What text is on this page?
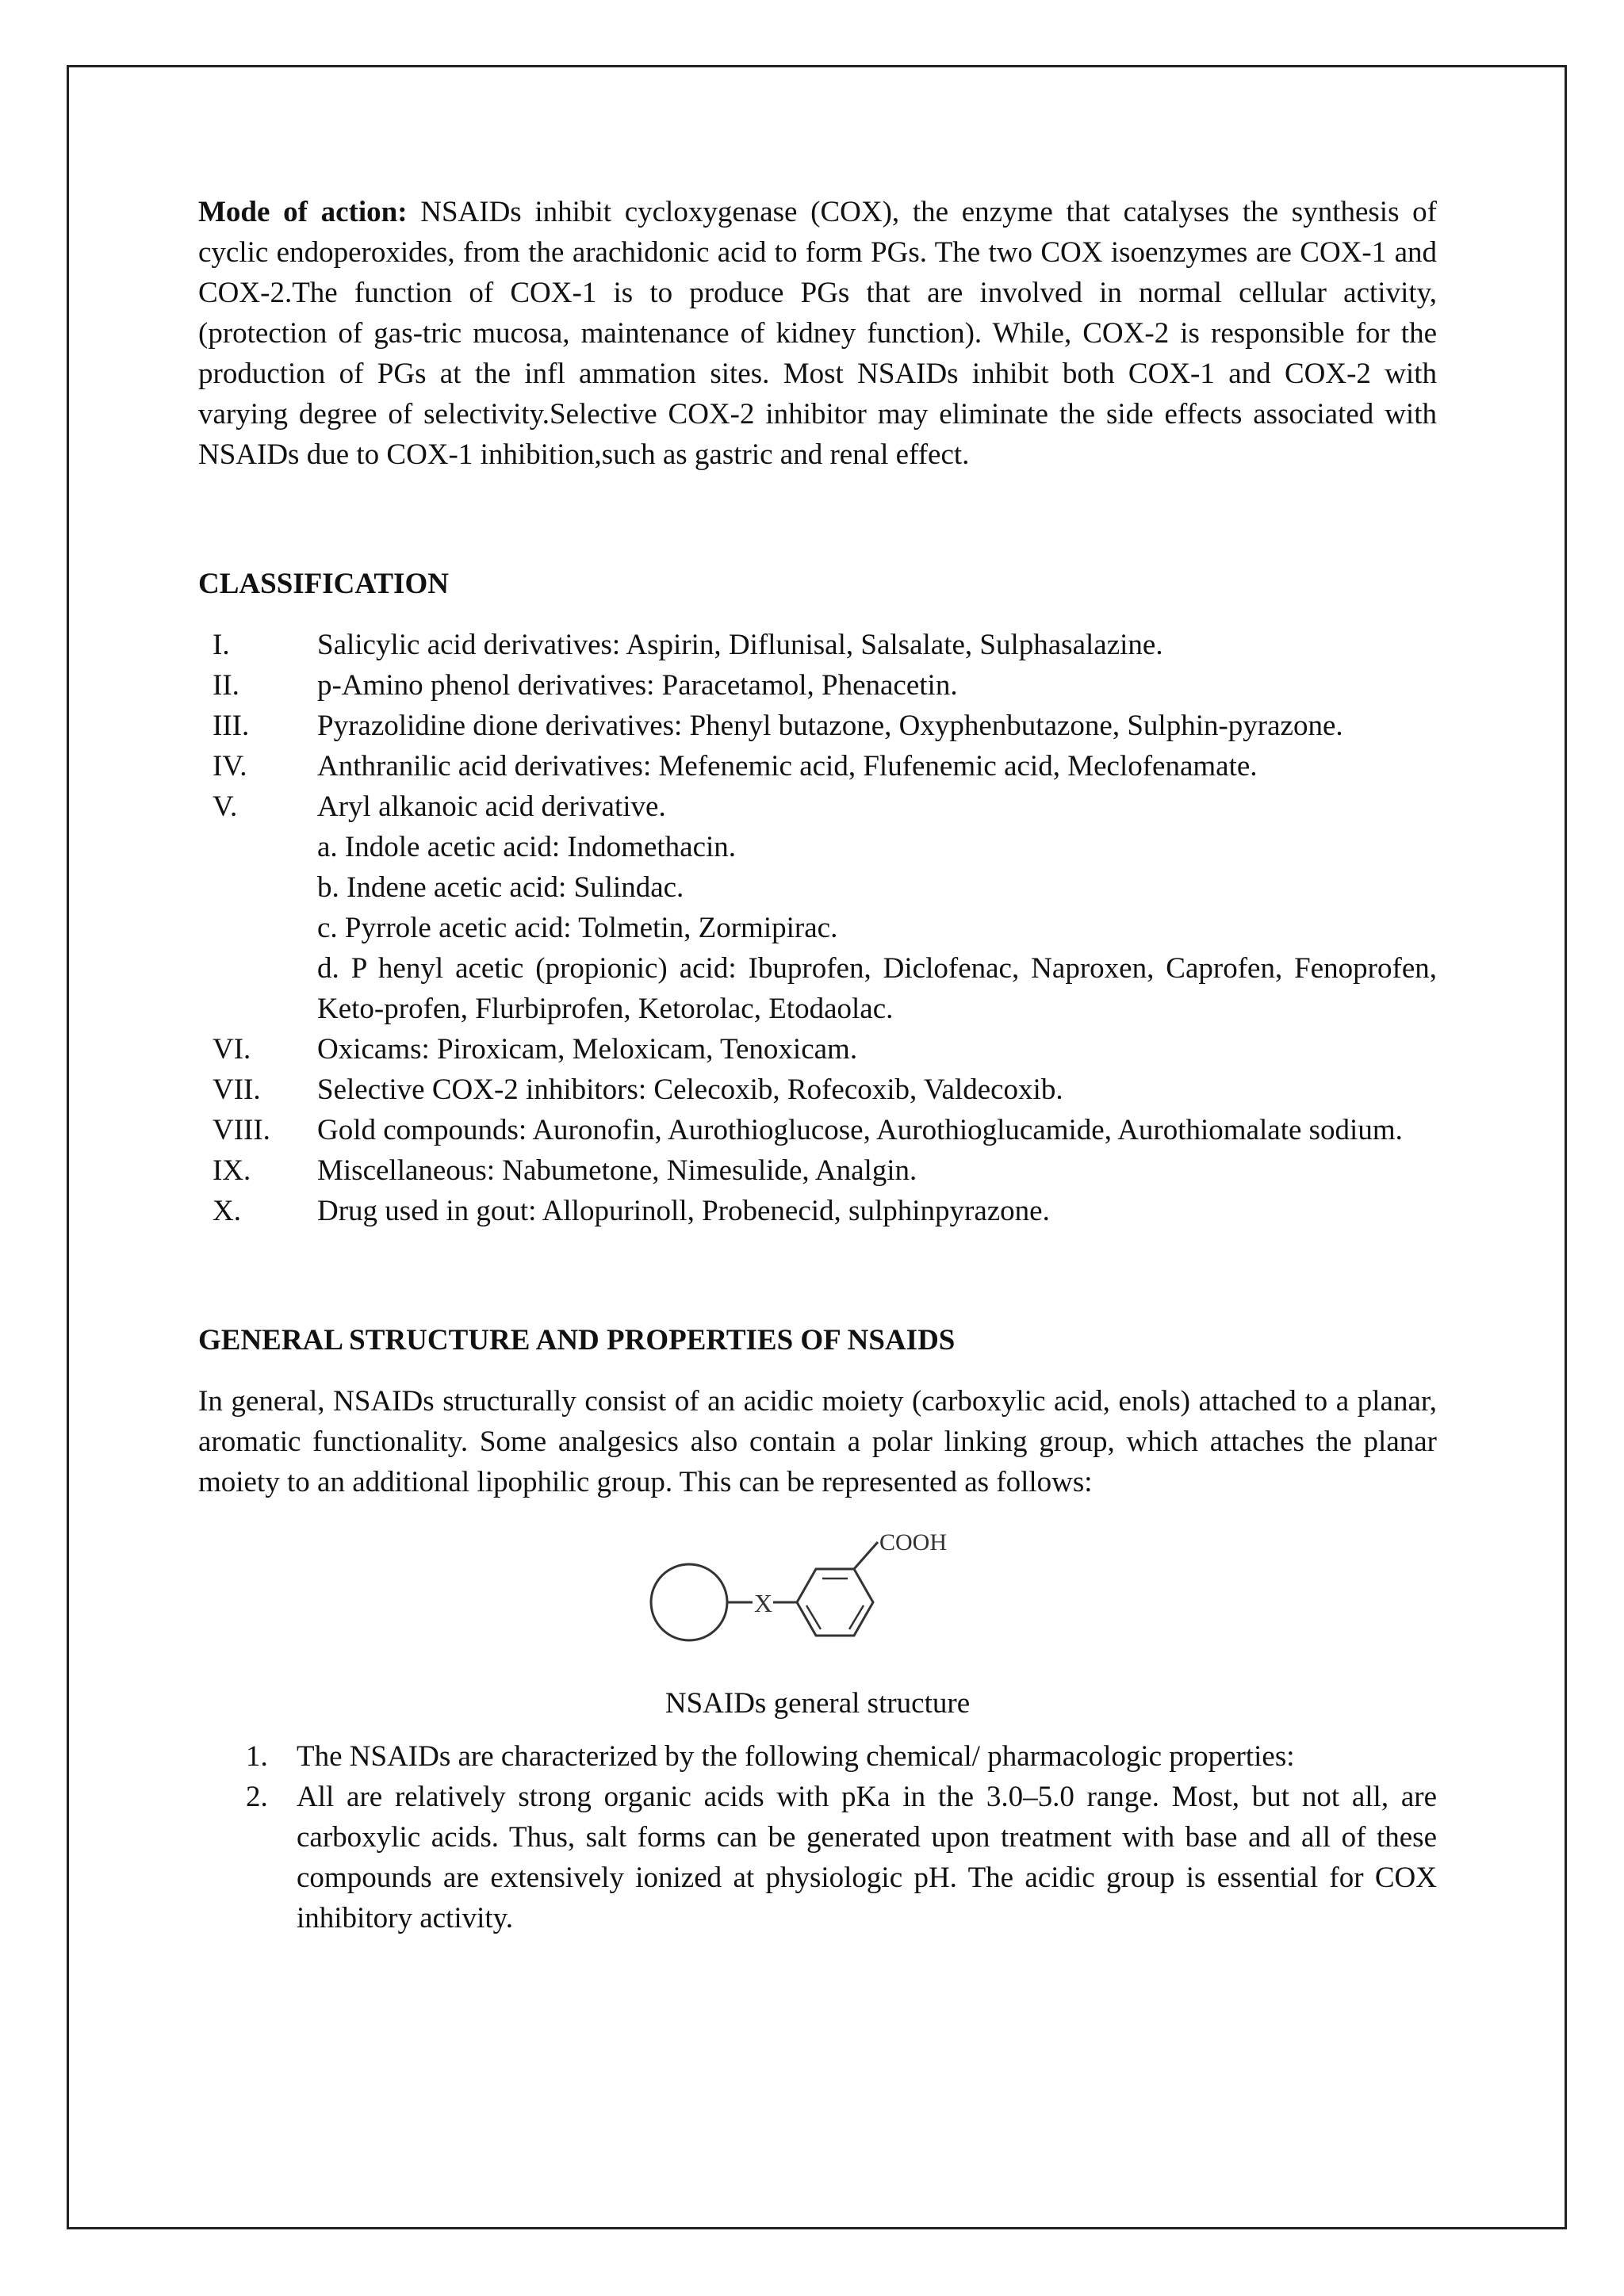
Mode of action: NSAIDs inhibit cycloxygenase (COX), the enzyme that catalyses the synthesis of cyclic endoperoxides, from the arachidonic acid to form PGs. The two COX isoenzymes are COX-1 and COX-2.The function of COX-1 is to produce PGs that are involved in normal cellular activity, (protection of gas-tric mucosa, maintenance of kidney function). While, COX-2 is responsible for the production of PGs at the infl ammation sites. Most NSAIDs inhibit both COX-1 and COX-2 with varying degree of selectivity.Selective COX-2 inhibitor may eliminate the side effects associated with NSAIDs due to COX-1 inhibition,such as gastric and renal effect.

CLASSIFICATION
I.	Salicylic acid derivatives: Aspirin, Diflunisal, Salsalate, Sulphasalazine.
II.	p-Amino phenol derivatives: Paracetamol, Phenacetin.
III. Pyrazolidine dione derivatives: Phenyl butazone, Oxyphenbutazone, Sulphin-pyrazone.
IV. Anthranilic acid derivatives: Mefenemic acid, Flufenemic acid, Meclofenamate.
V.	Aryl alkanoic acid derivative.
a. Indole acetic acid: Indomethacin.
b. Indene acetic acid: Sulindac.
c. Pyrrole acetic acid: Tolmetin, Zormipirac.
d. P henyl acetic (propionic) acid: Ibuprofen, Diclofenac, Naproxen, Caprofen, Fenoprofen, Keto-profen, Flurbiprofen, Ketorolac, Etodaolac.
VI. Oxicams: Piroxicam, Meloxicam, Tenoxicam.
VII. Selective COX-2 inhibitors: Celecoxib, Rofecoxib, Valdecoxib.
VIII. Gold compounds: Auronofin, Aurothioglucose, Aurothioglucamide, Aurothiomalate sodium.
IX. Miscellaneous: Nabumetone, Nimesulide, Analgin.
X.	Drug used in gout: Allopurinoll, Probenecid, sulphinpyrazone.
GENERAL STRUCTURE AND PROPERTIES OF NSAIDS

In general, NSAIDs structurally consist of an acidic moiety (carboxylic acid, enols) attached to a planar, aromatic functionality. Some analgesics also contain a polar linking group, which attaches the planar moiety to an additional lipophilic group. This can be represented as follows:

X
COOH
NSAIDs general structure
1. The NSAIDs are characterized by the following chemical/ pharmacologic properties:
2. All are relatively strong organic acids with pKa in the 3.0–5.0 range. Most, but not all, are carboxylic acids. Thus, salt forms can be generated upon treatment with base and all of these compounds are extensively ionized at physiologic pH. The acidic group is essential for COX inhibitory activity.
